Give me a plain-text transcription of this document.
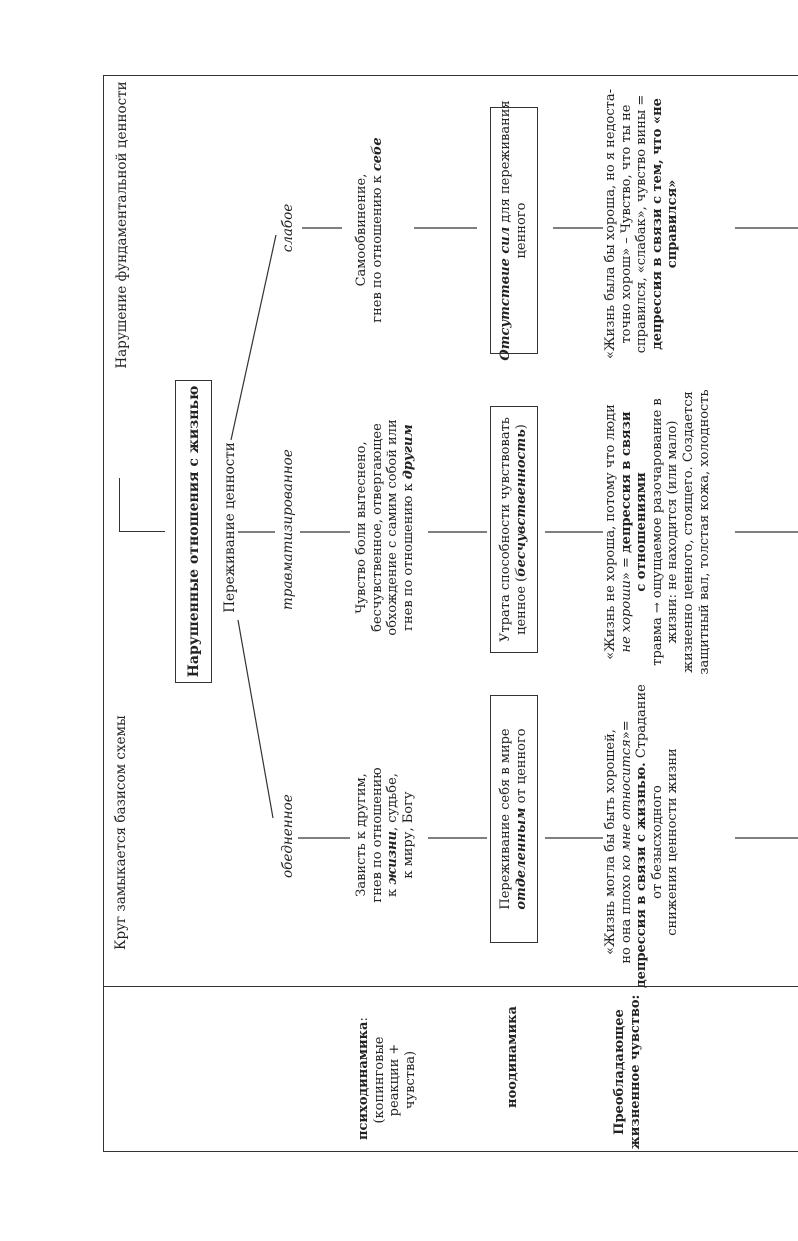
Нарушение фундаментальной ценности
Круг замыкается базисом схемы
Нарушенные отношения с жизнью Переживание ценности
обедненное
травматизированное
слабое
Зависть к другим, гнев по отношению к жизни, судьбе, к миру, Богу
Чувство боли вытеснено, бесчувственное, отвергающее обхождение с самим собой или гнев по отношению к другим
Самообвинение, гнев по отношению к себе
Переживание себя в мире отделенным от ценного
Утрата способности чувствовать ценное (бесчувственность)
Отсутствие сил для переживания
ценного
«Жизнь могла бы быть хорошей, но она плохо ко мне относится»=
депрессия в связи с жизнью. Страдание
от безысходного снижения ценности жизни
«Жизнь не хороша, потому что люди не хороши» = депрессия в связи с отношениями травма → ощущаемое разочарование в жизни: не находится (или мало) жизненно ценного, стоящего. Создается защитный вал, толстая кожа, холодность
«Жизнь была бы хороша, но я недоста- точно хорош» – Чувство, что ты не справился, «слабак», чувство вины = депрессия в связи с тем, что «не справился»
психодинамика:
(копинговые реакции + чувства)	ноодинамика	Преобладающее жизненное чувство:
